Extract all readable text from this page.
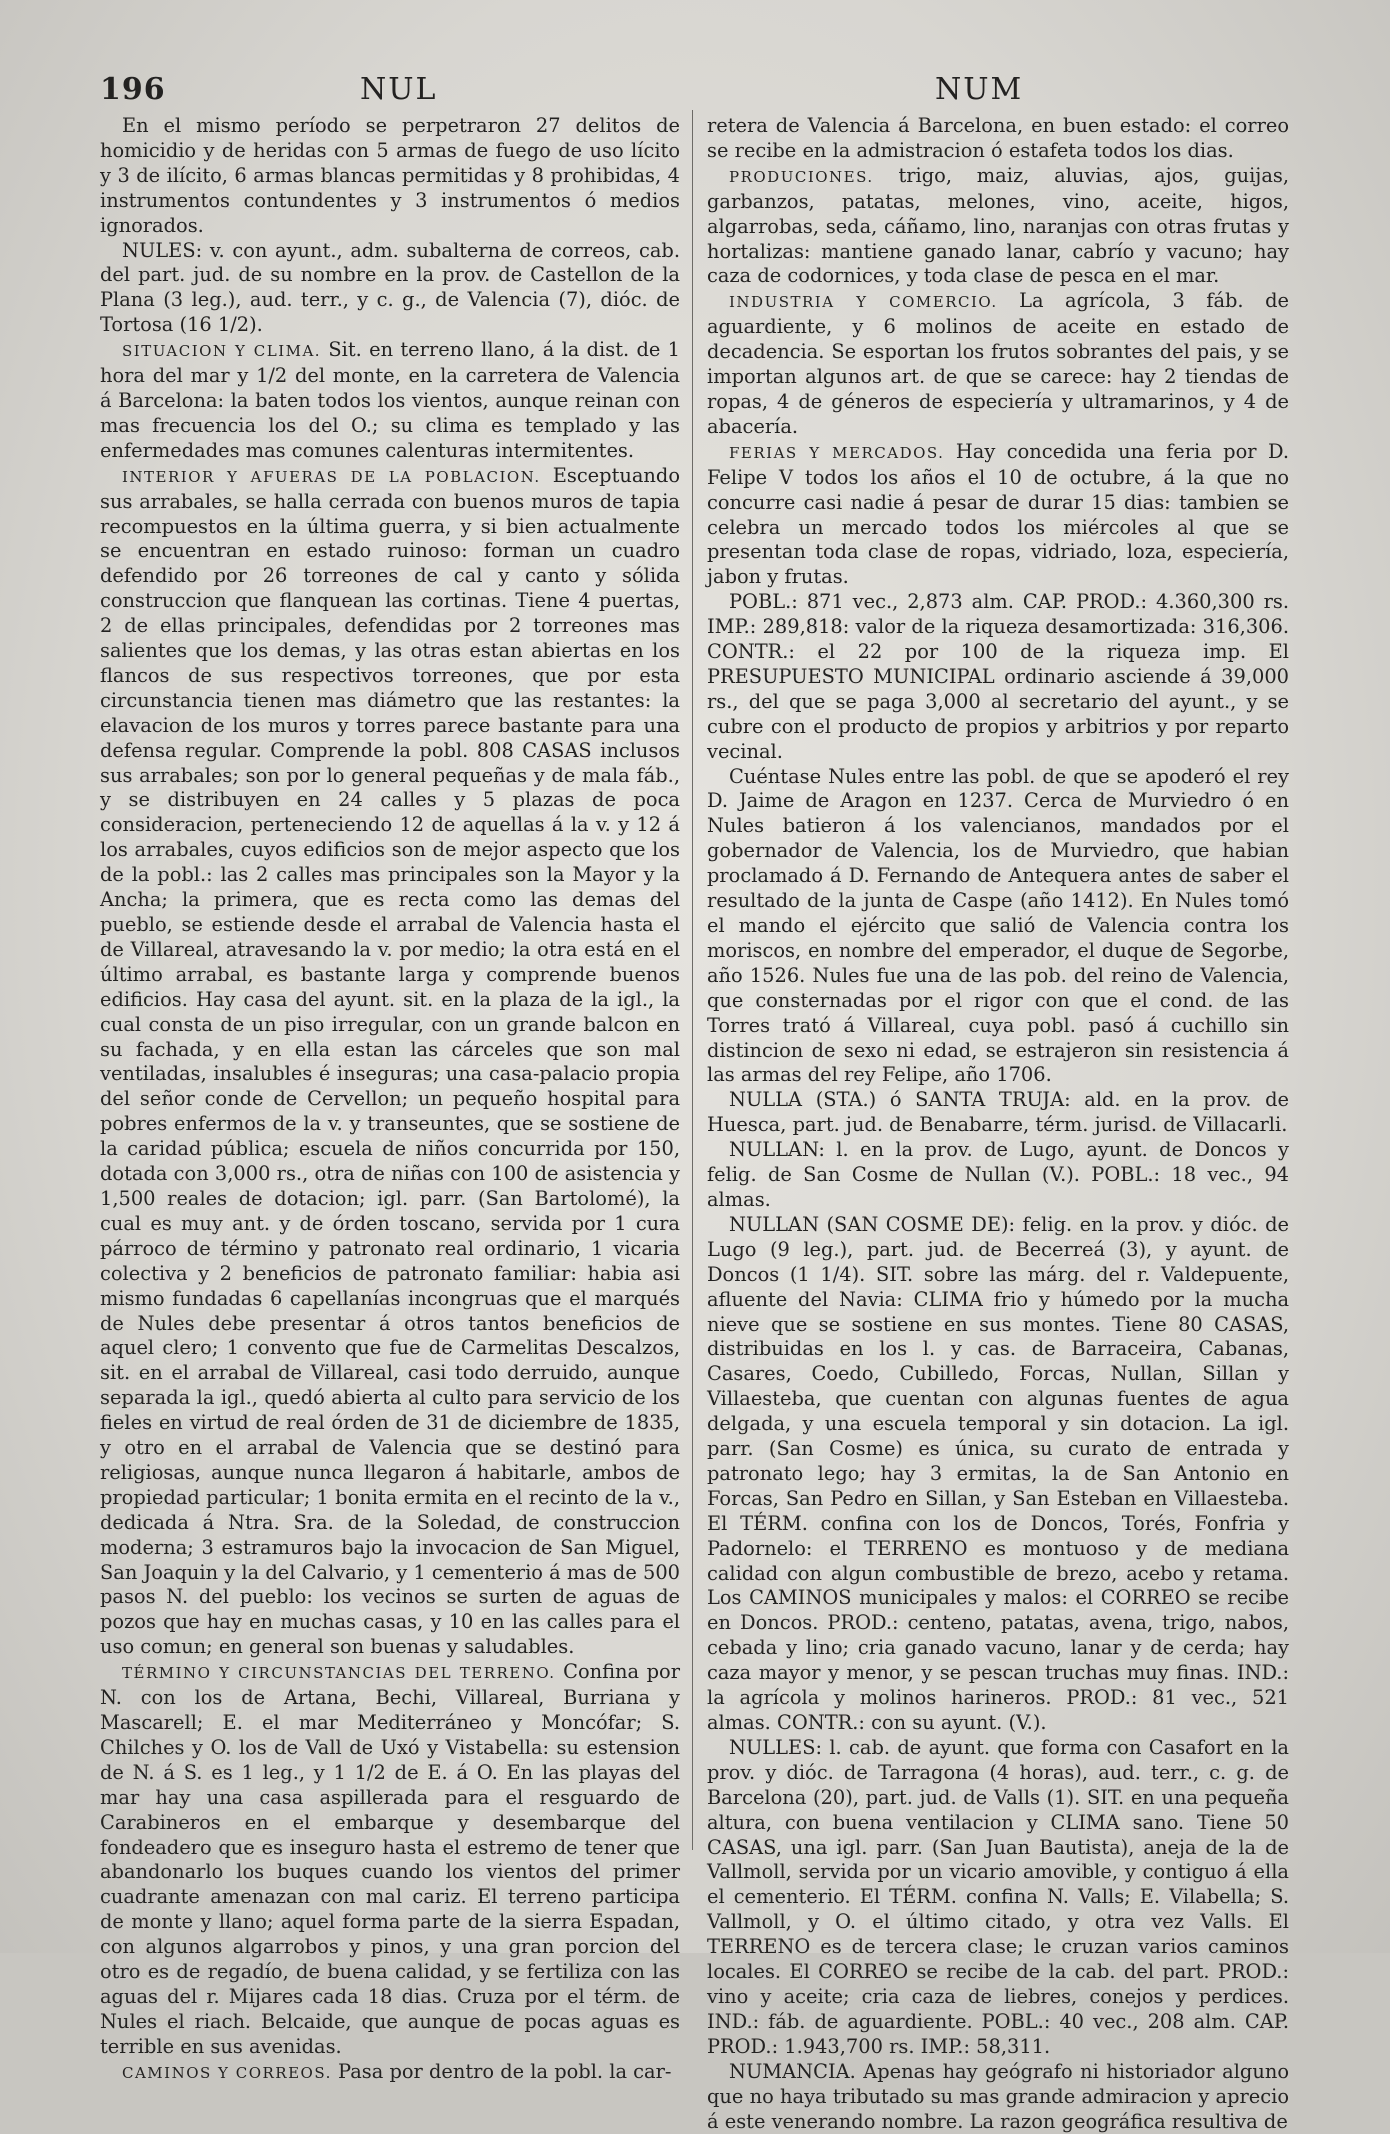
196	NUL	NUM

En el mismo período se perpetraron 27 delitos de homicidio y de heridas con 5 armas de fuego de uso lícito y 3 de ilícito, 6 armas blancas permitidas y 8 prohibidas, 4 instrumentos contundentes y 3 instrumentos ó medios ignorados.

NULES: v. con ayunt., adm. subalterna de correos, cab. del part. jud. de su nombre en la prov. de Castellon de la Plana (3 leg.), aud. terr., y c. g., de Valencia (7), dióc. de Tortosa (16 1/2).

SITUACION Y CLIMA. Sit. en terreno llano, á la dist. de 1 hora del mar y 1/2 del monte, en la carretera de Valencia á Barcelona: la baten todos los vientos, aunque reinan con mas frecuencia los del O.; su clima es templado y las enfermedades mas comunes calenturas intermitentes.

INTERIOR Y AFUERAS DE LA POBLACION. Esceptuando sus arrabales, se halla cerrada con buenos muros de tapia recompuestos en la última guerra, y si bien actualmente se encuentran en estado ruinoso: forman un cuadro defendido por 26 torreones de cal y canto y sólida construccion que flanquean las cortinas. Tiene 4 puertas, 2 de ellas principales, defendidas por 2 torreones mas salientes que los demas, y las otras estan abiertas en los flancos de sus respectivos torreones, que por esta circunstancia tienen mas diámetro que las restantes: la elavacion de los muros y torres parece bastante para una defensa regular. Comprende la pobl. 808 CASAS inclusos sus arrabales; son por lo general pequeñas y de mala fáb., y se distribuyen en 24 calles y 5 plazas de poca consideracion, perteneciendo 12 de aquellas á la v. y 12 á los arrabales, cuyos edificios son de mejor aspecto que los de la pobl.: las 2 calles mas principales son la Mayor y la Ancha; la primera, que es recta como las demas del pueblo, se estiende desde el arrabal de Valencia hasta el de Villareal, atravesando la v. por medio; la otra está en el último arrabal, es bastante larga y comprende buenos edificios. Hay casa del ayunt. sit. en la plaza de la igl., la cual consta de un piso irregular, con un grande balcon en su fachada, y en ella estan las cárceles que son mal ventiladas, insalubles é inseguras; una casa-palacio propia del señor conde de Cervellon; un pequeño hospital para pobres enfermos de la v. y transeuntes, que se sostiene de la caridad pública; escuela de niños concurrida por 150, dotada con 3,000 rs., otra de niñas con 100 de asistencia y 1,500 reales de dotacion; igl. parr. (San Bartolomé), la cual es muy ant. y de órden toscano, servida por 1 cura párroco de término y patronato real ordinario, 1 vicaria colectiva y 2 beneficios de patronato familiar: habia asi mismo fundadas 6 capellanías incongruas que el marqués de Nules debe presentar á otros tantos beneficios de aquel clero; 1 convento que fue de Carmelitas Descalzos, sit. en el arrabal de Villareal, casi todo derruido, aunque separada la igl., quedó abierta al culto para servicio de los fieles en virtud de real órden de 31 de diciembre de 1835, y otro en el arrabal de Valencia que se destinó para religiosas, aunque nunca llegaron á habitarle, ambos de propiedad particular; 1 bonita ermita en el recinto de la v., dedicada á Ntra. Sra. de la Soledad, de construccion moderna; 3 estramuros bajo la invocacion de San Miguel, San Joaquin y la del Calvario, y 1 cementerio á mas de 500 pasos N. del pueblo: los vecinos se surten de aguas de pozos que hay en muchas casas, y 10 en las calles para el uso comun; en general son buenas y saludables.

TÉRMINO Y CIRCUNSTANCIAS DEL TERRENO. Confina por N. con los de Artana, Bechi, Villareal, Burriana y Mascarell; E. el mar Mediterráneo y Moncófar; S. Chilches y O. los de Vall de Uxó y Vistabella: su estension de N. á S. es 1 leg., y 1 1/2 de E. á O. En las playas del mar hay una casa aspillerada para el resguardo de Carabineros en el embarque y desembarque del fondeadero que es inseguro hasta el estremo de tener que abandonarlo los buques cuando los vientos del primer cuadrante amenazan con mal cariz. El terreno participa de monte y llano; aquel forma parte de la sierra Espadan, con algunos algarrobos y pinos, y una gran porcion del otro es de regadío, de buena calidad, y se fertiliza con las aguas del r. Mijares cada 18 dias. Cruza por el térm. de Nules el riach. Belcaide, que aunque de pocas aguas es terrible en sus avenidas.

CAMINOS Y CORREOS. Pasa por dentro de la pobl. la car-

retera de Valencia á Barcelona, en buen estado: el correo se recibe en la admistracion ó estafeta todos los dias.

PRODUCIONES. trigo, maiz, aluvias, ajos, guijas, garbanzos, patatas, melones, vino, aceite, higos, algarrobas, seda, cáñamo, lino, naranjas con otras frutas y hortalizas: mantiene ganado lanar, cabrío y vacuno; hay caza de codornices, y toda clase de pesca en el mar.

INDUSTRIA Y COMERCIO. La agrícola, 3 fáb. de aguardiente, y 6 molinos de aceite en estado de decadencia. Se esportan los frutos sobrantes del pais, y se importan algunos art. de que se carece: hay 2 tiendas de ropas, 4 de géneros de especiería y ultramarinos, y 4 de abacería.

FERIAS Y MERCADOS. Hay concedida una feria por D. Felipe V todos los años el 10 de octubre, á la que no concurre casi nadie á pesar de durar 15 dias: tambien se celebra un mercado todos los miércoles al que se presentan toda clase de ropas, vidriado, loza, especiería, jabon y frutas.

POBL.: 871 vec., 2,873 alm. CAP. PROD.: 4.360,300 rs. IMP.: 289,818: valor de la riqueza desamortizada: 316,306. CONTR.: el 22 por 100 de la riqueza imp. El PRESUPUESTO MUNICIPAL ordinario asciende á 39,000 rs., del que se paga 3,000 al secretario del ayunt., y se cubre con el producto de propios y arbitrios y por reparto vecinal.

Cuéntase Nules entre las pobl. de que se apoderó el rey D. Jaime de Aragon en 1237. Cerca de Murviedro ó en Nules batieron á los valencianos, mandados por el gobernador de Valencia, los de Murviedro, que habian proclamado á D. Fernando de Antequera antes de saber el resultado de la junta de Caspe (año 1412). En Nules tomó el mando el ejército que salió de Valencia contra los moriscos, en nombre del emperador, el duque de Segorbe, año 1526. Nules fue una de las pob. del reino de Valencia, que consternadas por el rigor con que el cond. de las Torres trató á Villareal, cuya pobl. pasó á cuchillo sin distincion de sexo ni edad, se estrajeron sin resistencia á las armas del rey Felipe, año 1706.

NULLA (STA.) ó SANTA TRUJA: ald. en la prov. de Huesca, part. jud. de Benabarre, térm. jurisd. de Villacarli.

NULLAN: l. en la prov. de Lugo, ayunt. de Doncos y felig. de San Cosme de Nullan (V.). POBL.: 18 vec., 94 almas.

NULLAN (SAN COSME DE): felig. en la prov. y dióc. de Lugo (9 leg.), part. jud. de Becerreá (3), y ayunt. de Doncos (1 1/4). SIT. sobre las márg. del r. Valdepuente, afluente del Navia: CLIMA frio y húmedo por la mucha nieve que se sostiene en sus montes. Tiene 80 CASAS, distribuidas en los l. y cas. de Barraceira, Cabanas, Casares, Coedo, Cubilledo, Forcas, Nullan, Sillan y Villaesteba, que cuentan con algunas fuentes de agua delgada, y una escuela temporal y sin dotacion. La igl. parr. (San Cosme) es única, su curato de entrada y patronato lego; hay 3 ermitas, la de San Antonio en Forcas, San Pedro en Sillan, y San Esteban en Villaesteba. El TÉRM. confina con los de Doncos, Torés, Fonfria y Padornelo: el TERRENO es montuoso y de mediana calidad con algun combustible de brezo, acebo y retama. Los CAMINOS municipales y malos: el CORREO se recibe en Doncos. PROD.: centeno, patatas, avena, trigo, nabos, cebada y lino; cria ganado vacuno, lanar y de cerda; hay caza mayor y menor, y se pescan truchas muy finas. IND.: la agrícola y molinos harineros. PROD.: 81 vec., 521 almas. CONTR.: con su ayunt. (V.).

NULLES: l. cab. de ayunt. que forma con Casafort en la prov. y dióc. de Tarragona (4 horas), aud. terr., c. g. de Barcelona (20), part. jud. de Valls (1). SIT. en una pequeña altura, con buena ventilacion y CLIMA sano. Tiene 50 CASAS, una igl. parr. (San Juan Bautista), aneja de la de Vallmoll, servida por un vicario amovible, y contiguo á ella el cementerio. El TÉRM. confina N. Valls; E. Vilabella; S. Vallmoll, y O. el último citado, y otra vez Valls. El TERRENO es de tercera clase; le cruzan varios caminos locales. El CORREO se recibe de la cab. del part. PROD.: vino y aceite; cria caza de liebres, conejos y perdices. IND.: fáb. de aguardiente. POBL.: 40 vec., 208 alm. CAP. PROD.: 1.943,700 rs. IMP.: 58,311.

NUMANCIA. Apenas hay geógrafo ni historiador alguno que no haya tributado su mas grande admiracion y aprecio á este venerando nombre. La razon geográfica resultiva de
